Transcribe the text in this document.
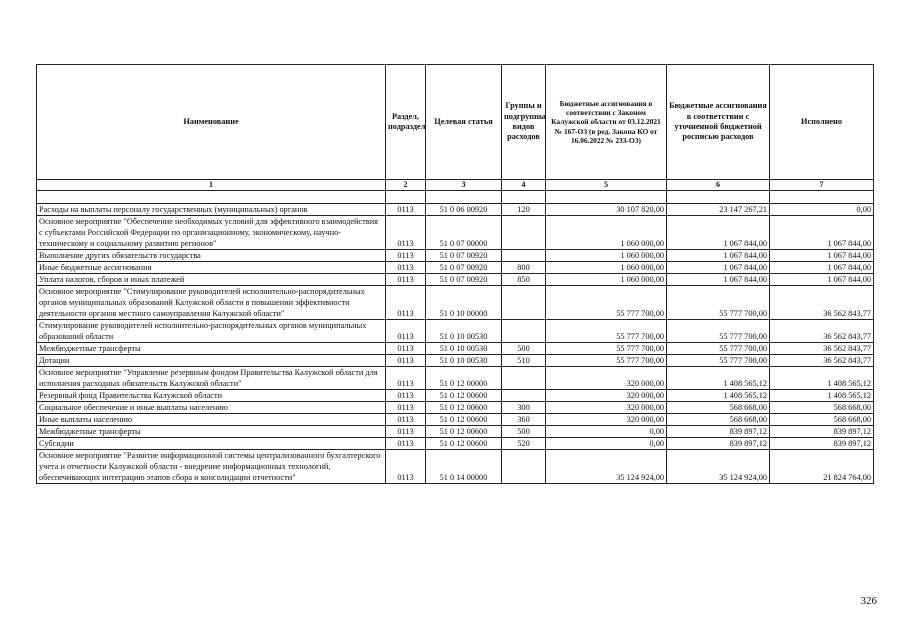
Наименование	Раздел, подраздел	Целевая статья	Группы и подгруппы видов расходов	Бюджетные ассигнования в соответствии с Законом Калужской области от 03.12.2021 № 167-ОЗ (в ред. Закона КО от 16.06.2022 № 233-ОЗ)	Бюджетные ассигнования в соответствии с уточненной бюджетной росписью расходов	Исполнено
1	2	3	4	5	6	7

Расходы на выплаты персоналу государственных (муниципальных) органов	0113	51 0 06 00920	120	30 107 820,00	23 147 267,21	0,00
Основное мероприятие "Обеспечение необходимых условий для эффективного взаимодействия с субъектами Российской Федерации по организационному, экономическому, научно-техническому и социальному развитию регионов"	0113	51 0 07 00000		1 060 000,00	1 067 844,00	1 067 844,00
Выполнение других обязательств государства	0113	51 0 07 00920		1 060 000,00	1 067 844,00	1 067 844,00
Иные бюджетные ассигнования	0113	51 0 07 00920	800	1 060 000,00	1 067 844,00	1 067 844,00
Уплата налогов, сборов и иных платежей	0113	51 0 07 00920	850	1 060 000,00	1 067 844,00	1 067 844,00
Основное мероприятие "Стимулирование руководителей исполнительно-распорядительных органов муниципальных образований Калужской области в повышении эффективности деятельности органов местного самоуправления Калужской области"	0113	51 0 10 00000		55 777 700,00	55 777 700,00	36 562 843,77
Стимулирование руководителей исполнительно-распорядительных органов муниципальных образований области	0113	51 0 10 00530		55 777 700,00	55 777 700,00	36 562 843,77
Межбюджетные трансферты	0113	51 0 10 00530	500	55 777 700,00	55 777 700,00	36 562 843,77
Дотации	0113	51 0 10 00530	510	55 777 700,00	55 777 700,00	36 562 843,77
Основное мероприятие "Управление резервным фондом Правительства Калужской области для исполнения расходных обязательств Калужской области"	0113	51 0 12 00000		320 000,00	1 408 565,12	1 408 565,12
Резервный фонд Правительства Калужской области	0113	51 0 12 00600		320 000,00	1 408 565,12	1 408 565,12
Социальное обеспечение и иные выплаты населению	0113	51 0 12 00600	300	320 000,00	568 668,00	568 668,00
Иные выплаты населению	0113	51 0 12 00600	360	320 000,00	568 668,00	568 668,00
Межбюджетные трансферты	0113	51 0 12 00600	500	0,00	839 897,12	839 897,12
Субсидии	0113	51 0 12 00600	520	0,00	839 897,12	839 897,12
Основное мероприятие "Развитие информационной системы централизованного бухгалтерского учета и отчетности Калужской области - внедрение информационных технологий, обеспечивающих интеграцию этапов сбора и консолидации отчетности"	0113	51 0 14 00000		35 124 924,00	35 124 924,00	21 824 764,00
326
